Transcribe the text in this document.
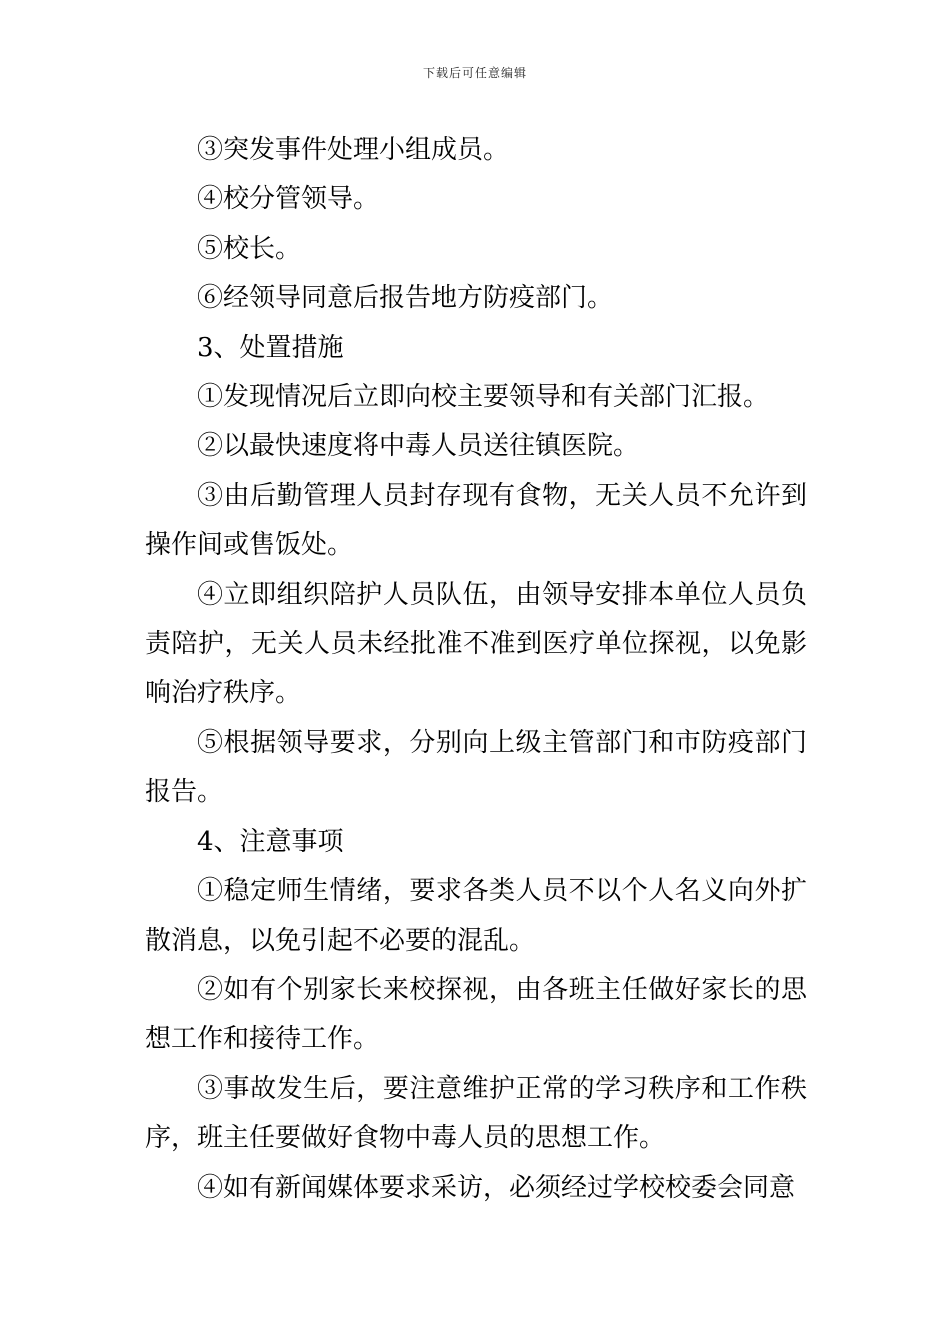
下载后可任意编辑

③突发事件处理小组成员。

④校分管领导。

⑤校长。

⑥经领导同意后报告地方防疫部门。

3、处置措施

①发现情况后立即向校主要领导和有关部门汇报。

②以最快速度将中毒人员送往镇医院。

③由后勤管理人员封存现有食物，无关人员不允许到操作间或售饭处。

④立即组织陪护人员队伍，由领导安排本单位人员负责陪护，无关人员未经批准不准到医疗单位探视，以免影响治疗秩序。

⑤根据领导要求，分别向上级主管部门和市防疫部门报告。

4、注意事项

①稳定师生情绪，要求各类人员不以个人名义向外扩散消息，以免引起不必要的混乱。

②如有个别家长来校探视，由各班主任做好家长的思想工作和接待工作。

③事故发生后，要注意维护正常的学习秩序和工作秩序，班主任要做好食物中毒人员的思想工作。

④如有新闻媒体要求采访，必须经过学校校委会同意
